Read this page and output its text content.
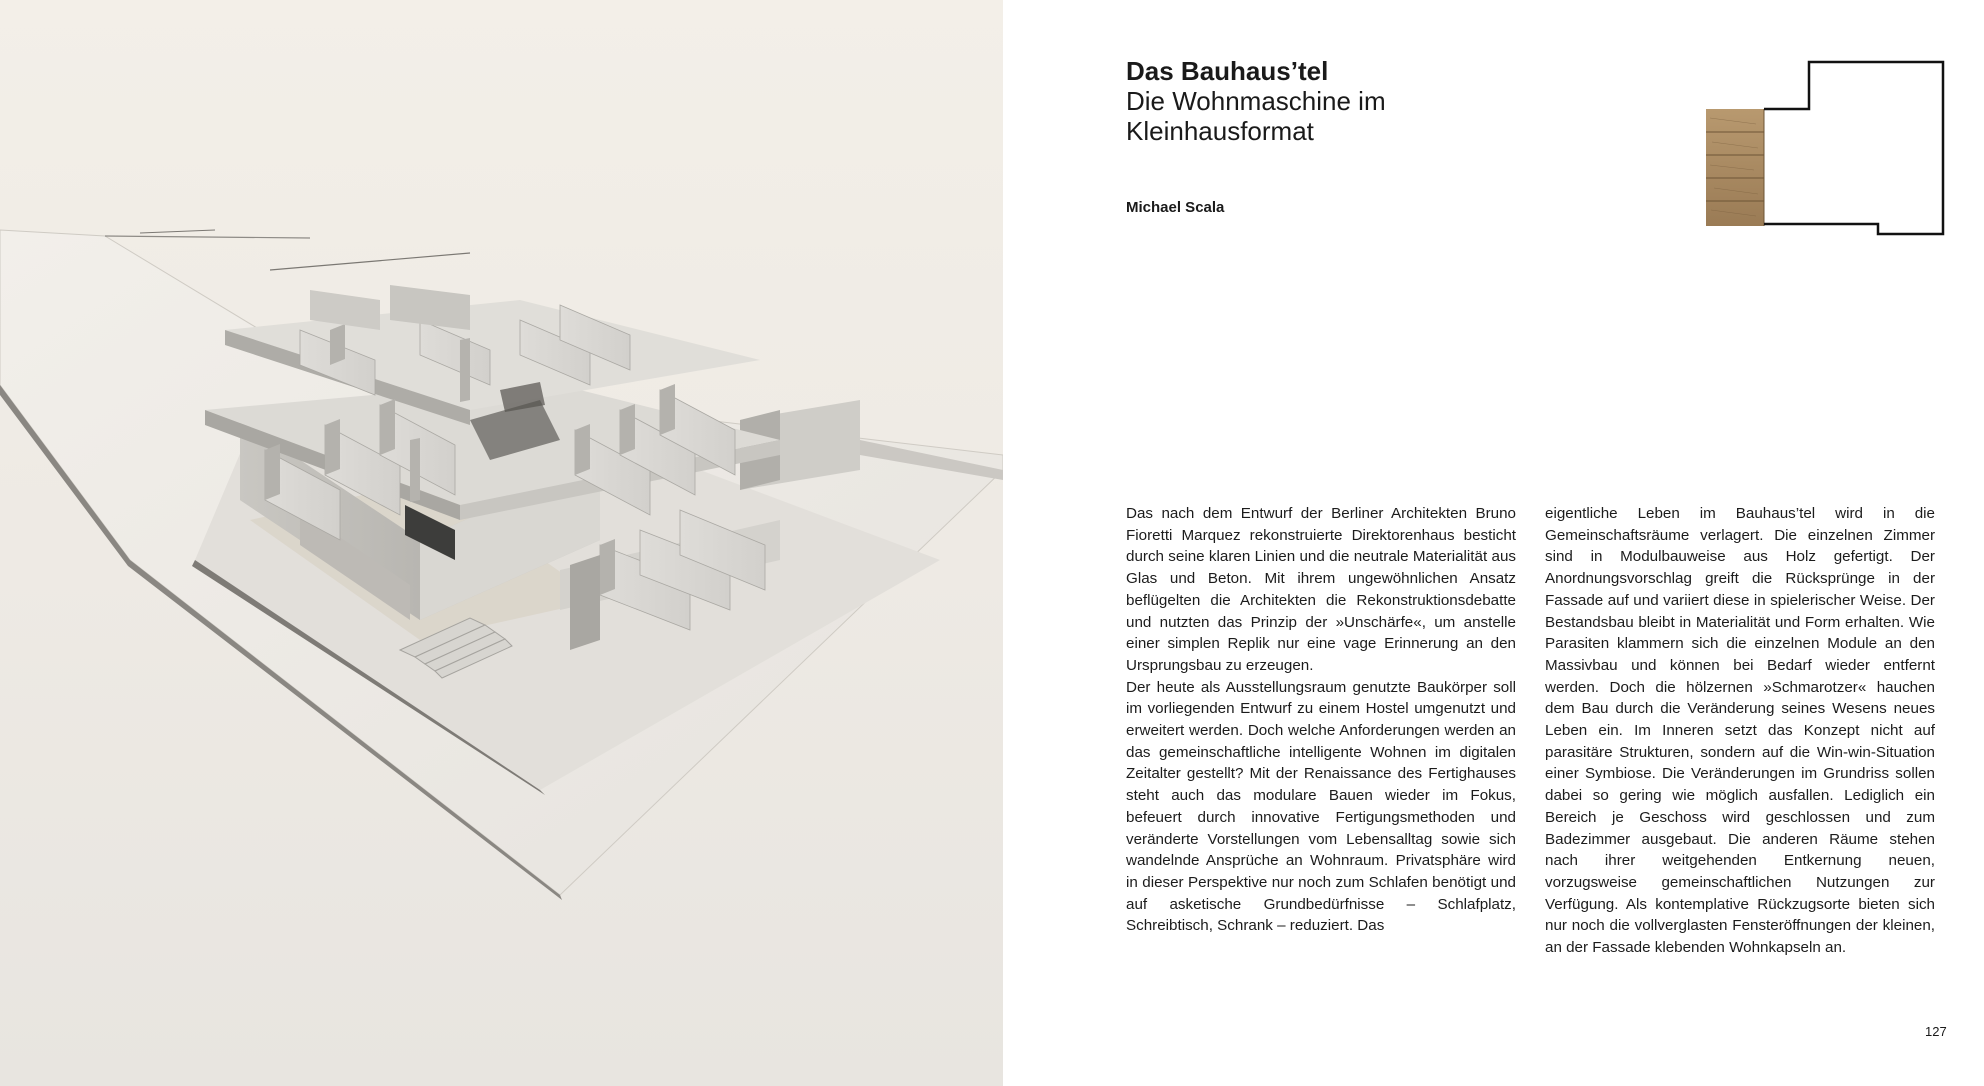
Das Bauhaus’tel

Die Wohnmaschine im

Kleinhausformat

Michael Scala

Das nach dem Entwurf der Berliner Architekten Bruno Fioretti Marquez rekonstruierte Direktorenhaus besticht durch seine klaren Linien und die neutrale Materialität aus Glas und Beton. Mit ihrem ungewöhnlichen Ansatz beflügelten die Architekten die Rekonstruktionsdebatte und nutzten das Prinzip der »Unschärfe«, um anstelle einer simplen Replik nur eine vage Erinnerung an den Ursprungsbau zu erzeugen.

Der heute als Ausstellungsraum genutzte Baukörper soll im vorliegenden Entwurf zu einem Hostel umgenutzt und erweitert werden. Doch welche Anforderungen werden an das gemeinschaftliche intelligente Wohnen im digitalen Zeitalter gestellt? Mit der Renaissance des Fertighauses steht auch das modulare Bauen wieder im Fokus, befeuert durch innovative Fertigungsmethoden und veränderte Vorstellungen vom Lebensalltag sowie sich wandelnde Ansprüche an Wohnraum. Privatsphäre wird in dieser Perspektive nur noch zum Schlafen benötigt und auf asketische Grundbedürfnisse – Schlafplatz, Schreibtisch, Schrank – reduziert. Das

eigentliche Leben im Bauhaus’tel wird in die Gemeinschaftsräume verlagert. Die einzelnen Zimmer sind in Modulbauweise aus Holz gefertigt. Der Anordnungsvorschlag greift die Rücksprünge in der Fassade auf und variiert diese in spielerischer Weise. Der Bestandsbau bleibt in Materialität und Form erhalten. Wie Parasiten klammern sich die einzelnen Module an den Massivbau und können bei Bedarf wieder entfernt werden. Doch die hölzernen »Schmarotzer« hauchen dem Bau durch die Veränderung seines Wesens neues Leben ein. Im Inneren setzt das Konzept nicht auf parasitäre Strukturen, sondern auf die Win-win-Situation einer Symbiose. Die Veränderungen im Grundriss sollen dabei so gering wie möglich ausfallen. Lediglich ein Bereich je Geschoss wird geschlossen und zum Badezimmer ausgebaut. Die anderen Räume stehen nach ihrer weitgehenden Entkernung neuen, vorzugsweise gemeinschaftlichen Nutzungen zur Verfügung. Als kontemplative Rückzugsorte bieten sich nur noch die vollverglasten Fensteröffnungen der kleinen, an der Fassade klebenden Wohnkapseln an.

127
